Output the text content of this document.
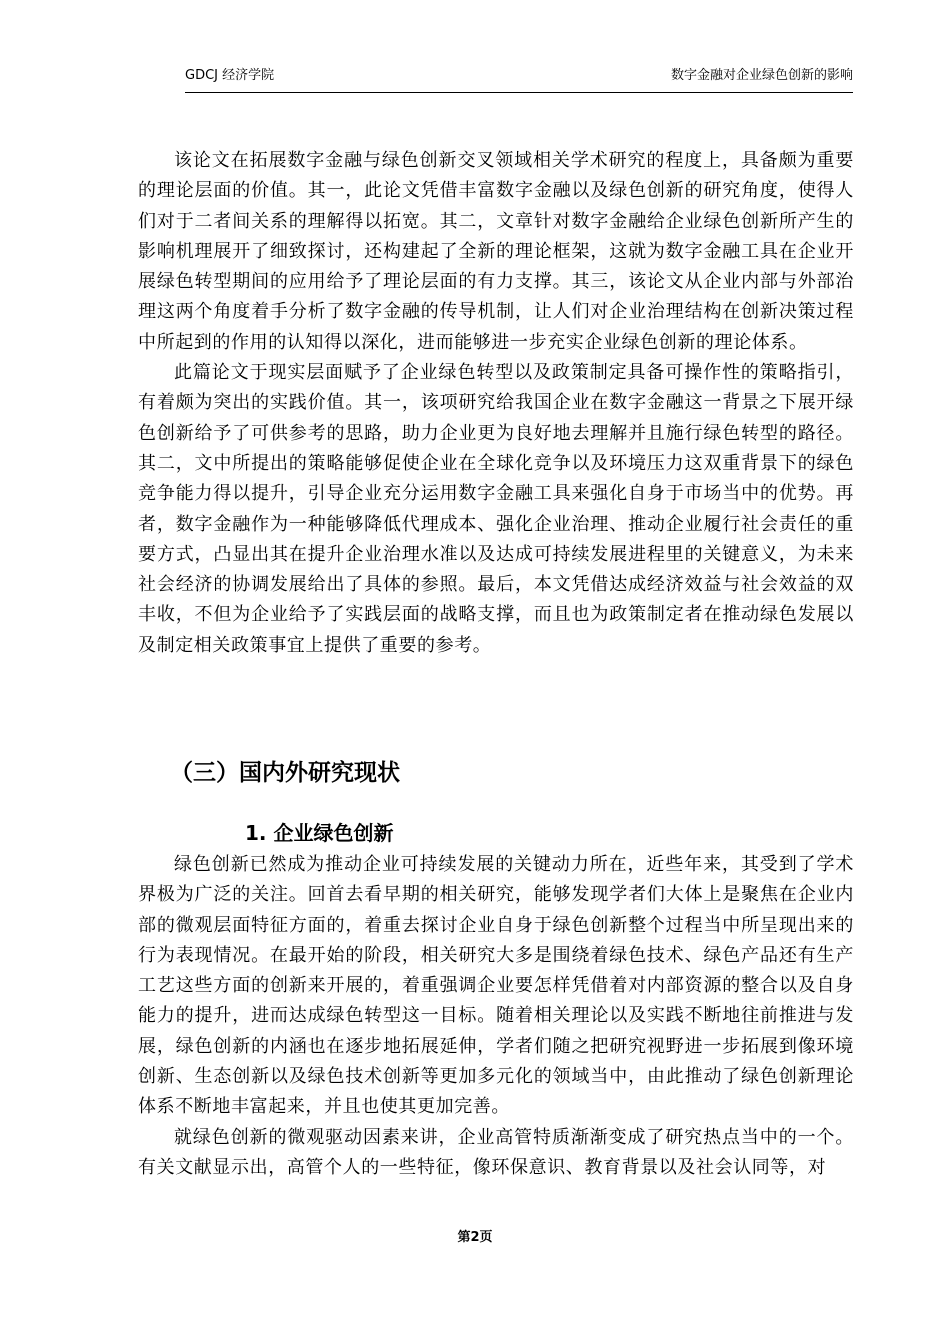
GDCJ 经济学院	数字金融对企业绿色创新的影响

该论文在拓展数字金融与绿色创新交叉领域相关学术研究的程度上，具备颇为重要的理论层面的价值。其一，此论文凭借丰富数字金融以及绿色创新的研究角度，使得人们对于二者间关系的理解得以拓宽。其二，文章针对数字金融给企业绿色创新所产生的影响机理展开了细致探讨，还构建起了全新的理论框架，这就为数字金融工具在企业开展绿色转型期间的应用给予了理论层面的有力支撑。其三，该论文从企业内部与外部治理这两个角度着手分析了数字金融的传导机制，让人们对企业治理结构在创新决策过程中所起到的作用的认知得以深化，进而能够进一步充实企业绿色创新的理论体系。

此篇论文于现实层面赋予了企业绿色转型以及政策制定具备可操作性的策略指引，有着颇为突出的实践价值。其一，该项研究给我国企业在数字金融这一背景之下展开绿色创新给予了可供参考的思路，助力企业更为良好地去理解并且施行绿色转型的路径。其二，文中所提出的策略能够促使企业在全球化竞争以及环境压力这双重背景下的绿色竞争能力得以提升，引导企业充分运用数字金融工具来强化自身于市场当中的优势。再者，数字金融作为一种能够降低代理成本、强化企业治理、推动企业履行社会责任的重要方式，凸显出其在提升企业治理水准以及达成可持续发展进程里的关键意义，为未来社会经济的协调发展给出了具体的参照。最后，本文凭借达成经济效益与社会效益的双丰收，不但为企业给予了实践层面的战略支撑，而且也为政策制定者在推动绿色发展以及制定相关政策事宜上提供了重要的参考。

（三）国内外研究现状
1. 企业绿色创新

绿色创新已然成为推动企业可持续发展的关键动力所在，近些年来，其受到了学术界极为广泛的关注。回首去看早期的相关研究，能够发现学者们大体上是聚焦在企业内部的微观层面特征方面的，着重去探讨企业自身于绿色创新整个过程当中所呈现出来的行为表现情况。在最开始的阶段，相关研究大多是围绕着绿色技术、绿色产品还有生产工艺这些方面的创新来开展的，着重强调企业要怎样凭借着对内部资源的整合以及自身能力的提升，进而达成绿色转型这一目标。随着相关理论以及实践不断地往前推进与发展，绿色创新的内涵也在逐步地拓展延伸，学者们随之把研究视野进一步拓展到像环境创新、生态创新以及绿色技术创新等更加多元化的领域当中，由此推动了绿色创新理论体系不断地丰富起来，并且也使其更加完善。

就绿色创新的微观驱动因素来讲，企业高管特质渐渐变成了研究热点当中的一个。有关文献显示出，高管个人的一些特征，像环保意识、教育背景以及社会认同等，对

第2页
